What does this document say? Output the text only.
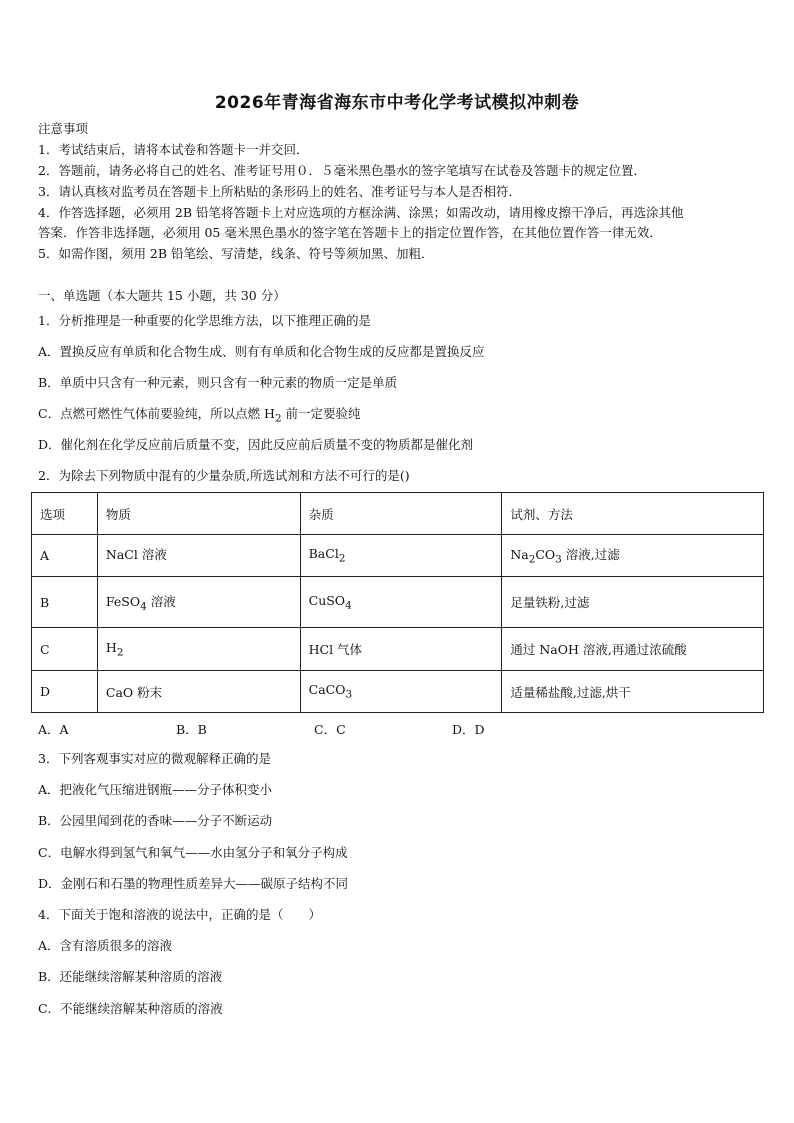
2026年青海省海东市中考化学考试模拟冲刺卷
注意事项
1．考试结束后，请将本试卷和答题卡一并交回．
2．答题前，请务必将自己的姓名、准考证号用０．５毫米黑色墨水的签字笔填写在试卷及答题卡的规定位置．
3．请认真核对监考员在答题卡上所粘贴的条形码上的姓名、准考证号与本人是否相符．
4．作答选择题，必须用 2B 铅笔将答题卡上对应选项的方框涂满、涂黑；如需改动，请用橡皮擦干净后，再选涂其他
答案．作答非选择题，必须用 05 毫米黑色墨水的签字笔在答题卡上的指定位置作答，在其他位置作答一律无效．
5．如需作图，须用 2B 铅笔绘、写清楚，线条、符号等须加黑、加粗．
一、单选题（本大题共 15 小题，共 30 分）
1．分析推理是一种重要的化学思维方法，以下推理正确的是
A．置换反应有单质和化合物生成、则有有单质和化合物生成的反应都是置换反应
B．单质中只含有一种元素，则只含有一种元素的物质一定是单质
C．点燃可燃性气体前要验纯，所以点燃 $H_2$ 前一定要验纯
D．催化剂在化学反应前后质量不变，因此反应前后质量不变的物质都是催化剂
2．为除去下列物质中混有的少量杂质,所选试剂和方法不可行的是()
选项	物质	杂质	试剂、方法
A	NaCl 溶液	BaCl$_2$	$Na_2CO_3$ 溶液,过滤
B	FeSO$_4$ 溶液	CuSO$_4$	足量铁粉,过滤
C	$H_2$	HCl 气体	通过 NaOH 溶液,再通过浓硫酸
D	CaO 粉末	CaCO$_3$	适量稀盐酸,过滤,烘干
A．A	B．B	C．C	D．D
3．下列客观事实对应的微观解释正确的是
A．把液化气压缩进钢瓶——分子体积变小
B．公园里闻到花的香味——分子不断运动
C．电解水得到氢气和氧气——水由氢分子和氧分子构成
D．金刚石和石墨的物理性质差异大——碳原子结构不同
4．下面关于饱和溶液的说法中，正确的是（　　）
A．含有溶质很多的溶液
B．还能继续溶解某种溶质的溶液
C．不能继续溶解某种溶质的溶液
